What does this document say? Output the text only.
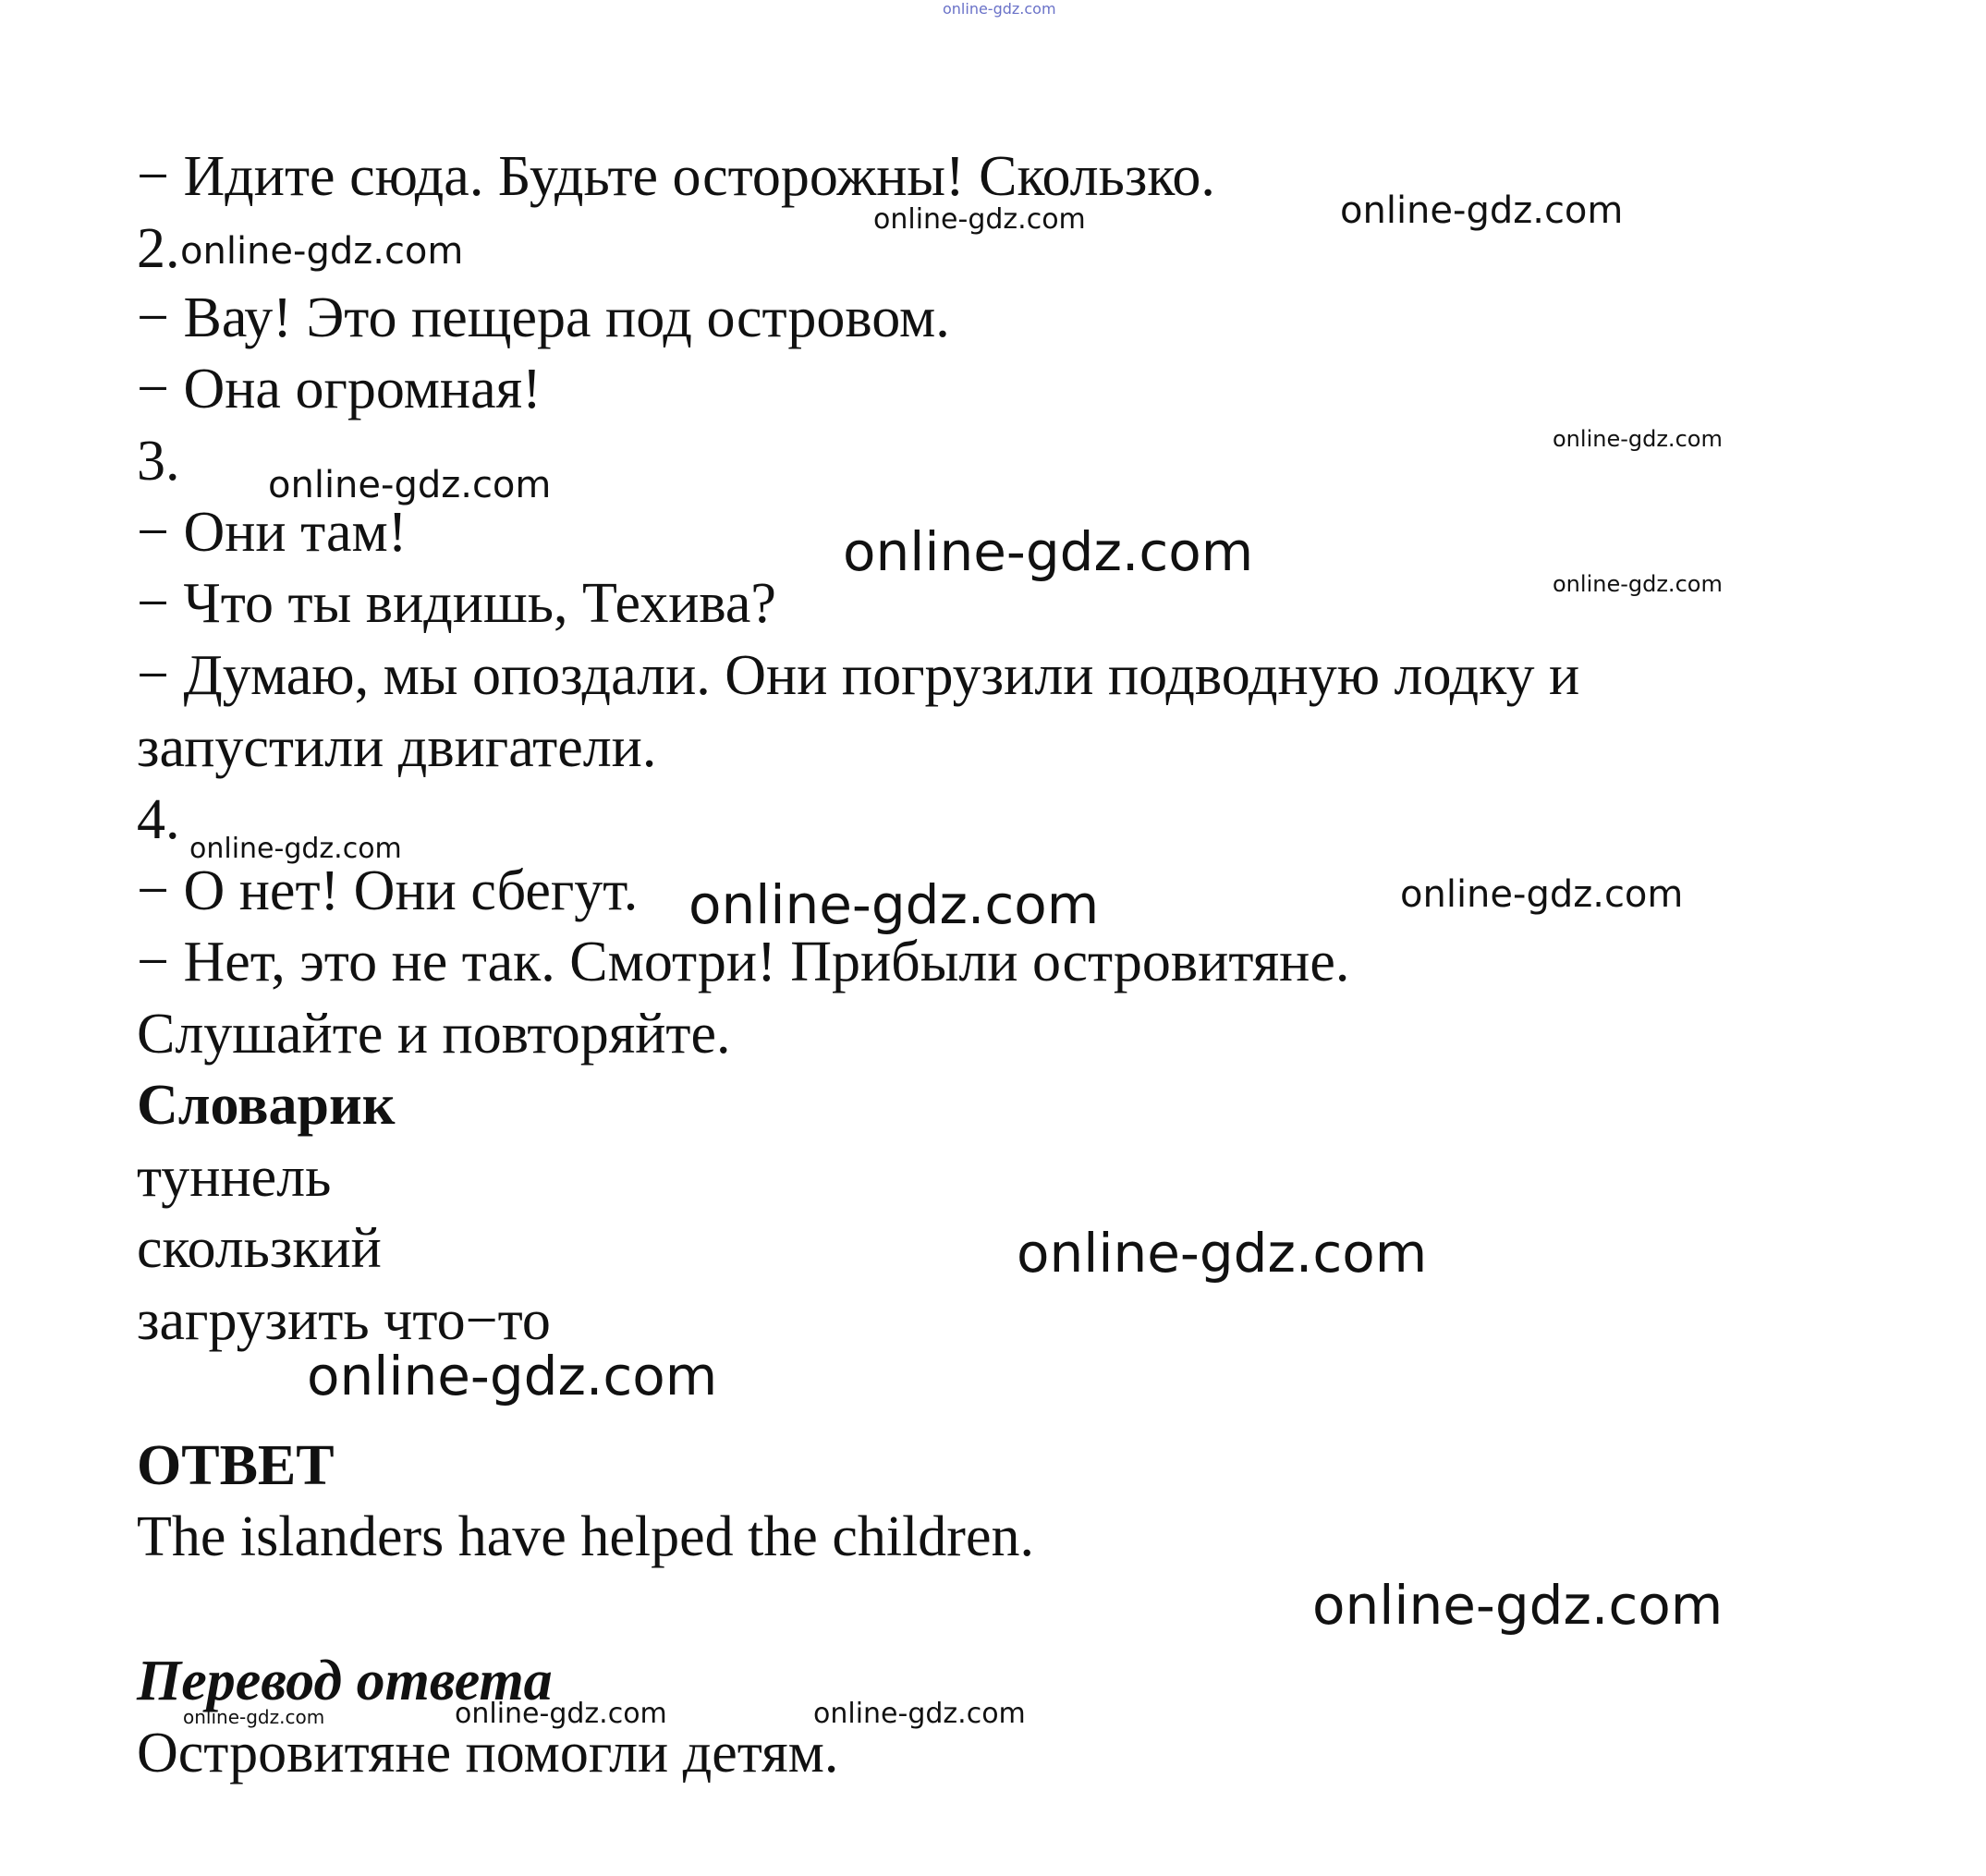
− Идите сюда. Будьте осторожны! Скользко.

2.

− Вау! Это пещера под островом.

− Она огромная!

3.

− Они там!

− Что ты видишь, Техива?

− Думаю, мы опоздали. Они погрузили подводную лодку и

запустили двигатели.

4.

− О нет! Они сбегут.

− Нет, это не так. Смотри! Прибыли островитяне.

Слушайте и повторяйте.

Словарик

туннель

скользкий

загрузить что−то

ОТВЕТ

The islanders have helped the children.

Перевод ответа

Островитяне помогли детям.

online-gdz.com
online-gdz.com	online-gdz.com
online-gdz.com
online-gdz.com
online-gdz.com
online-gdz.com
online-gdz.com
online-gdz.com
online-gdz.com	online-gdz.com
online-gdz.com
online-gdz.com
online-gdz.com
online-gdz.com	online-gdz.com	online-gdz.com
